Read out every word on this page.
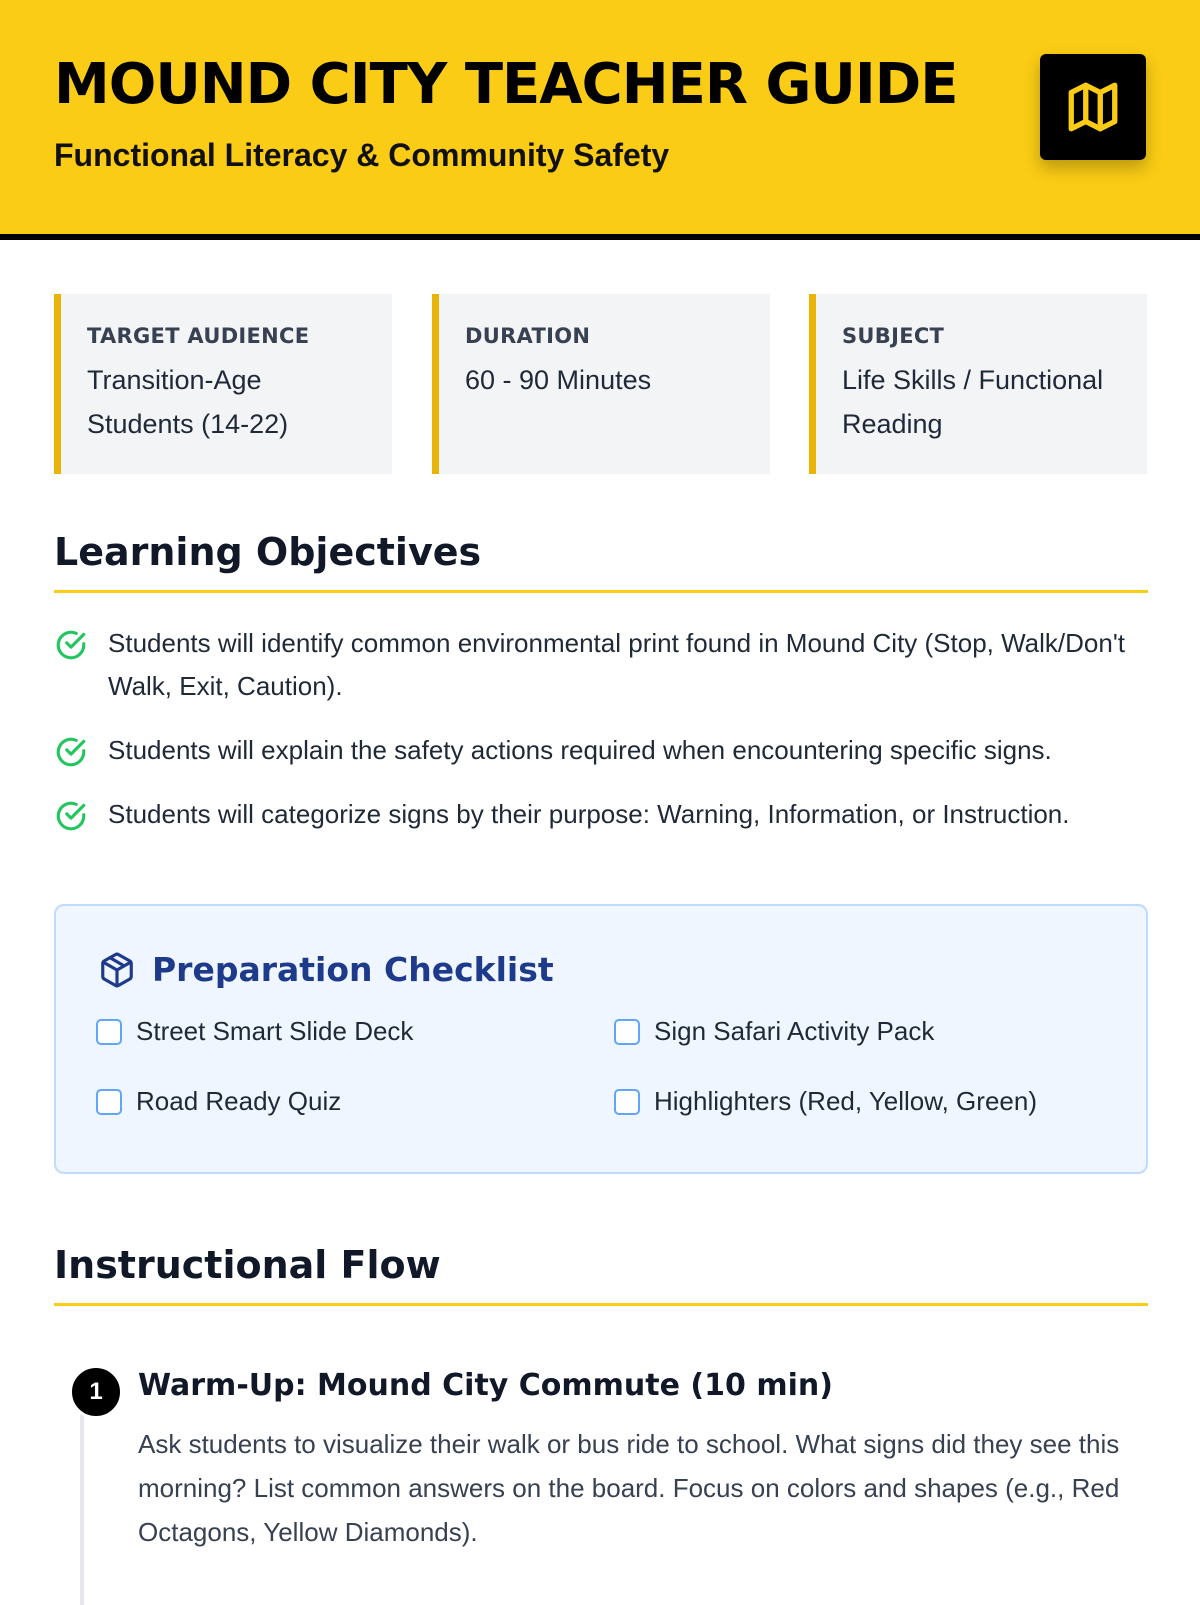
MOUND CITY TEACHER GUIDE
Functional Literacy & Community Safety
TARGET AUDIENCE
Transition-Age Students (14-22)
DURATION
60 - 90 Minutes
SUBJECT
Life Skills / Functional Reading
Learning Objectives
Students will identify common environmental print found in Mound City (Stop, Walk/Don't Walk, Exit, Caution).
Students will explain the safety actions required when encountering specific signs.
Students will categorize signs by their purpose: Warning, Information, or Instruction.
Preparation Checklist
Street Smart Slide Deck	Sign Safari Activity Pack
Road Ready Quiz	Highlighters (Red, Yellow, Green)
Instructional Flow
1	Warm-Up: Mound City Commute (10 min)
Ask students to visualize their walk or bus ride to school. What signs did they see this morning? List common answers on the board. Focus on colors and shapes (e.g., Red Octagons, Yellow Diamonds).
